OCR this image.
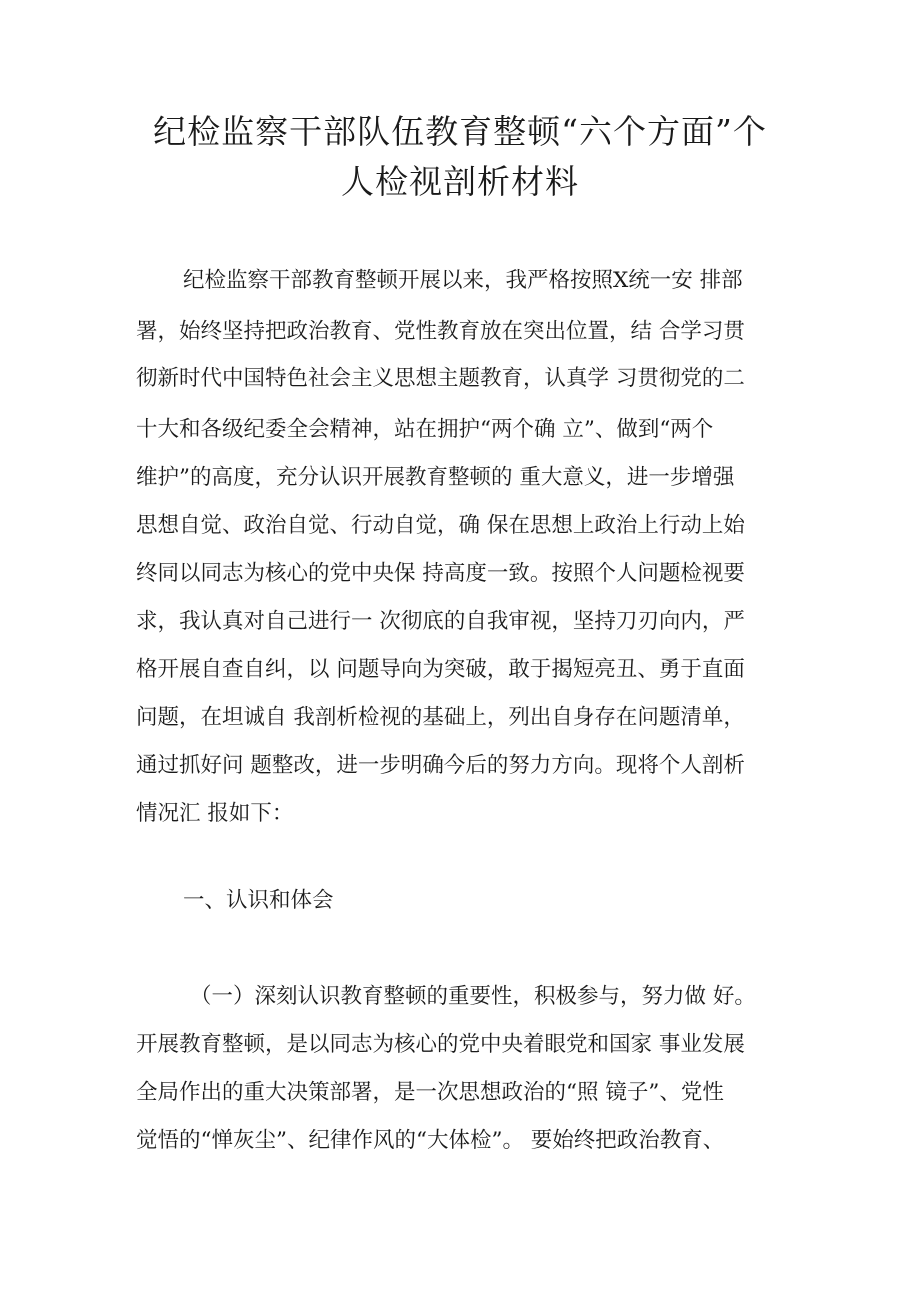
纪检监察干部队伍教育整顿“六个方面”个
人检视剖析材料
纪检监察干部教育整顿开展以来，我严格按照X统一安 排部
署，始终坚持把政治教育、党性教育放在突出位置，结 合学习贯
彻新时代中国特色社会主义思想主题教育，认真学 习贯彻党的二
十大和各级纪委全会精神，站在拥护“两个确 立”、做到“两个
维护”的高度，充分认识开展教育整顿的 重大意义，进一步增强
思想自觉、政治自觉、行动自觉，确 保在思想上政治上行动上始
终同以同志为核心的党中央保 持高度一致。按照个人问题检视要
求，我认真对自己进行一 次彻底的自我审视，坚持刀刃向内，严
格开展自查自纠，以 问题导向为突破，敢于揭短亮丑、勇于直面
问题，在坦诚自 我剖析检视的基础上，列出自身存在问题清单，
通过抓好问 题整改，进一步明确今后的努力方向。现将个人剖析
情况汇 报如下：
一、认识和体会
（一）深刻认识教育整顿的重要性，积极参与，努力做 好。
开展教育整顿，是以同志为核心的党中央着眼党和国家 事业发展
全局作出的重大决策部署，是一次思想政治的“照 镜子”、党性
觉悟的“惮灰尘”、纪律作风的“大体检”。 要始终把政治教育、
